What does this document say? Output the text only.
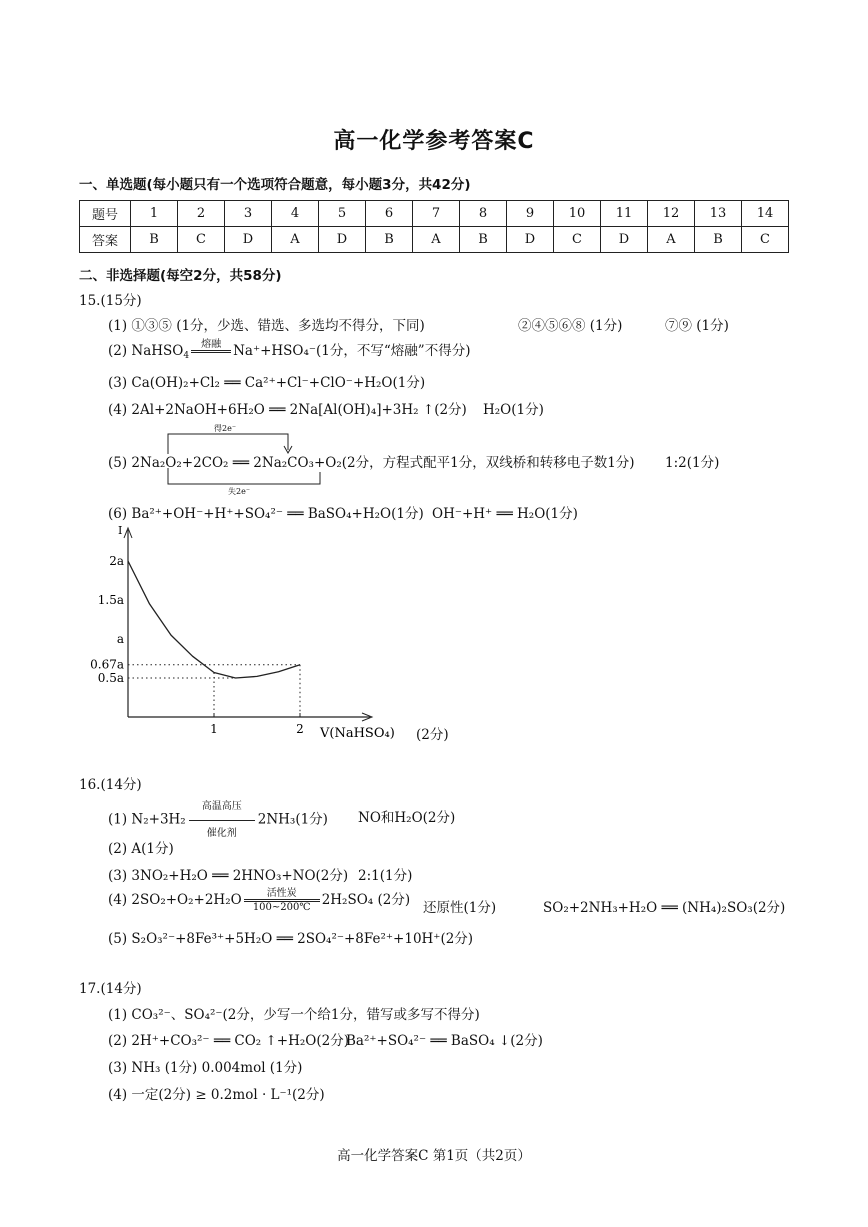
高一化学参考答案C
一、单选题(每小题只有一个选项符合题意，每小题3分，共42分)
题号	1	2	3	4	5	6	7	8	9	10	11	12	13	14
答案	B	C	D	A	D	B	A	B	D	C	D	A	B	C
二、非选择题(每空2分，共58分)
15.(15分)
(1) ①③⑤ (1分，少选、错选、多选均不得分，下同)	②④⑤⑥⑧ (1分)	⑦⑨ (1分)
(2) NaHSO$_4$
熔融
Na⁺+HSO₄⁻(1分，不写“熔融”不得分)
(3) Ca(OH)₂+Cl₂ ══ Ca²⁺+Cl⁻+ClO⁻+H₂O(1分)
(4) 2Al+2NaOH+6H₂O ══ 2Na[Al(OH)₄]+3H₂ ↑(2分) H₂O(1分)
得2e⁻
失2e⁻
(5) 2Na₂O₂+2CO₂ ══ 2Na₂CO₃+O₂(2分，方程式配平1分，双线桥和转移电子数1分) 1:2(1分)
(6) Ba²⁺+OH⁻+H⁺+SO₄²⁻ ══ BaSO₄+H₂O(1分) OH⁻+H⁺ ══ H₂O(1分)
I
V(NaHSO₄)
2a
1.5a
a
0.67a
0.5a
1	2	(2分)
16.(14分)
(1) N₂+3H₂
高温高压
催化剂
2NH₃(1分) NO和H₂O(2分)
(2) A(1分)
(3) 3NO₂+H₂O ══ 2HNO₃+NO(2分) 2:1(1分)
(4) 2SO₂+O₂+2H₂O	活性炭
100~200℃ 2H₂SO₄ (2分) 还原性(1分)	SO₂+2NH₃+H₂O ══ (NH₄)₂SO₃(2分)
(5) S₂O₃²⁻+8Fe³⁺+5H₂O ══ 2SO₄²⁻+8Fe²⁺+10H⁺(2分)
17.(14分)
(1) CO₃²⁻、SO₄²⁻(2分，少写一个给1分，错写或多写不得分)
(2) 2H⁺+CO₃²⁻ ══ CO₂ ↑+H₂O(2分)
Ba²⁺+SO₄²⁻ ══ BaSO₄ ↓(2分)
(3) NH₃ (1分) 0.004mol (1分)
(4) 一定(2分) ≥ 0.2mol · L⁻¹(2分)
高一化学答案C 第1页（共2页）
